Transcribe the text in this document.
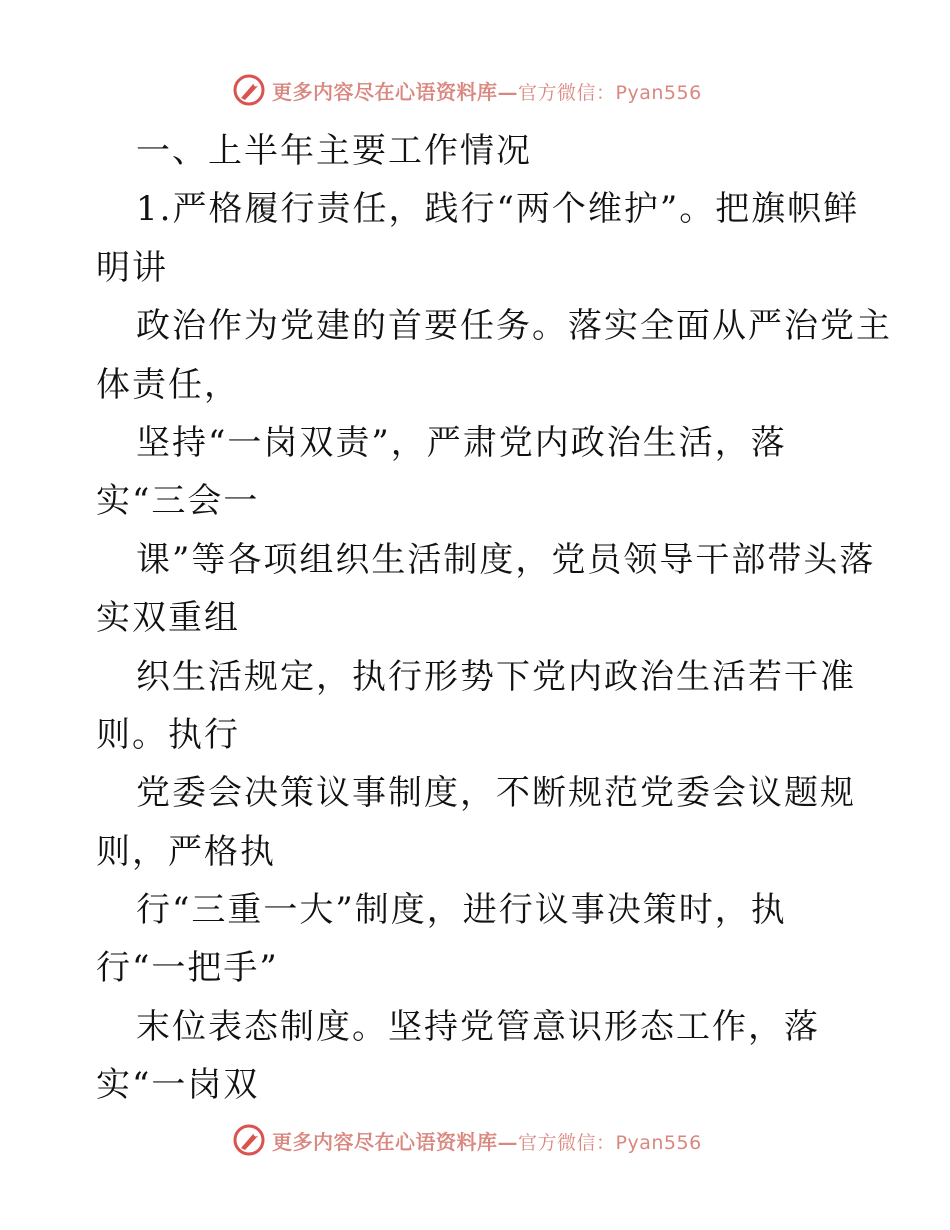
更多内容尽在心语资料库—官方微信：Pyan556
一、上半年主要工作情况
1.严格履行责任，践行“两个维护”。把旗帜鲜
明讲
政治作为党建的首要任务。落实全面从严治党主
体责任，
坚持“一岗双责”，严肃党内政治生活，落
实“三会一
课”等各项组织生活制度，党员领导干部带头落
实双重组
织生活规定，执行形势下党内政治生活若干准
则。执行
党委会决策议事制度，不断规范党委会议题规
则，严格执
行“三重一大”制度，进行议事决策时，执
行“一把手”
末位表态制度。坚持党管意识形态工作，落
实“一岗双
更多内容尽在心语资料库—官方微信：Pyan556
